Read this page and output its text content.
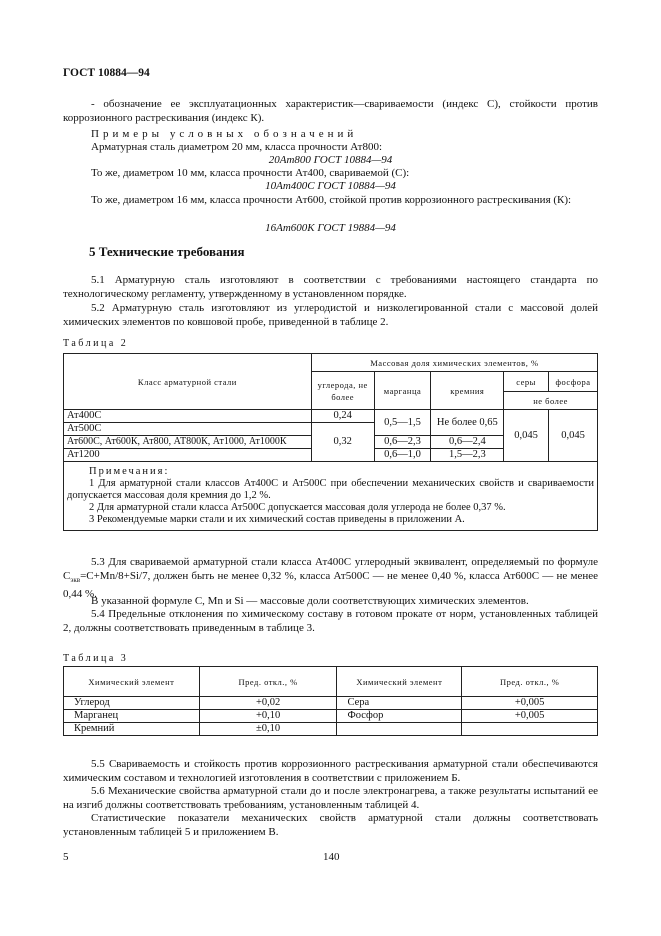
ГОСТ 10884—94
- обозначение ее эксплуатационных характеристик—свариваемости (индекс С), стойкости против коррозионного растрескивания (индекс К).
Примеры условных обозначений
Арматурная сталь диаметром 20 мм, класса прочности Ат800:
20Ат800 ГОСТ 10884—94
То же, диаметром 10 мм, класса прочности Ат400, свариваемой (С):
10Ат400С ГОСТ 10884—94
То же, диаметром 16 мм, класса прочности Ат600, стойкой против коррозионного растрескивания (К):
16Ат600К ГОСТ 19884—94
5 Технические требования
5.1 Арматурную сталь изготовляют в соответствии с требованиями настоящего стандарта по технологическому регламенту, утвержденному в установленном порядке.
5.2 Арматурную сталь изготовляют из углеродистой и низколегированной стали с массовой долей химических элементов по ковшовой пробе, приведенной в таблице 2.
Таблица 2
Класс арматурной стали	Массовая доля химических элементов, %				
	углерода, не более	марганца	кремния	серы	фосфора
				не более	
Ат400С	0,24	0,5—1,5	Не более 0,65	0,045	0,045
Ат500С	0,32				
Ат600С, Ат600К, Ат800, АТ800К, Ат1000, Ат1000К		0,6—2,3	0,6—2,4		
Ат1200		0,6—1,0	1,5—2,3		

Примечания:
1 Для арматурной стали классов Ат400С и Ат500С при обеспечении механических свойств и свариваемости допускается массовая доля кремния до 1,2 %.
2 Для арматурной стали класса Ат500С допускается массовая доля углерода не более 0,37 %.
3 Рекомендуемые марки стали и их химический состав приведены в приложении А.					
5.3 Для свариваемой арматурной стали класса Ат400С углеродный эквивалент, определяемый по формуле $С_{экв}=С+Mn/8+Si/7$, должен быть не менее 0,32 %, класса Ат500С — не менее 0,40 %, класса Ат600С — не менее 0,44 %.
В указанной формуле С, Mn и Si — массовые доли соответствующих химических элементов.
5.4 Предельные отклонения по химическому составу в готовом прокате от норм, установленных таблицей 2, должны соответствовать приведенным в таблице 3.
Таблица 3
Химический элемент	Пред. откл., %	Химический элемент	Пред. откл., %
Углерод	+0,02	Сера	+0,005
Марганец	+0,10	Фосфор	+0,005
Кремний	±0,10		
5.5 Свариваемость и стойкость против коррозионного растрескивания арматурной стали обеспечиваются химическим составом и технологией изготовления в соответствии с приложением Б.
5.6 Механические свойства арматурной стали до и после электронагрева, а также результаты испытаний ее на изгиб должны соответствовать требованиям, установленным таблицей 4.
Статистические показатели механических свойств арматурной стали должны соответствовать установленным таблицей 5 и приложением В.
5	140
